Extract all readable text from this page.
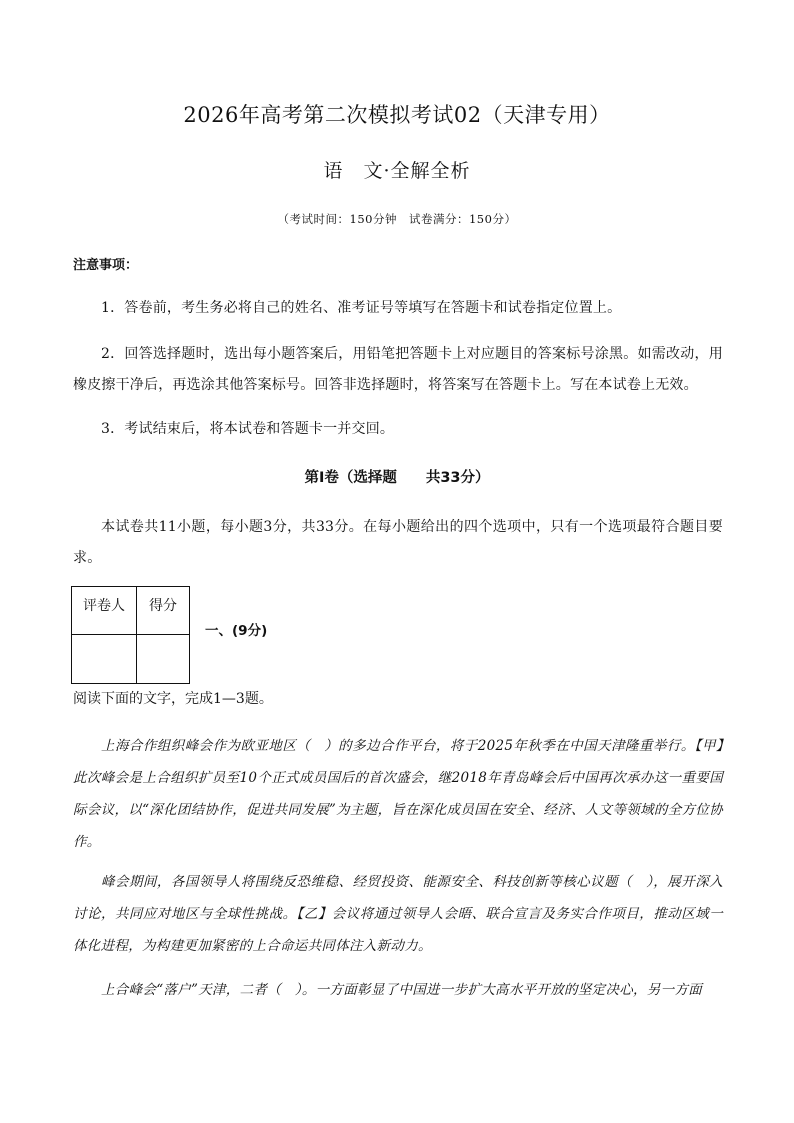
2026年高考第二次模拟考试02（天津专用）
语　文·全解全析
（考试时间：150分钟　试卷满分：150分）
注意事项：
1．答卷前，考生务必将自己的姓名、准考证号等填写在答题卡和试卷指定位置上。
2．回答选择题时，选出每小题答案后，用铅笔把答题卡上对应题目的答案标号涂黑。如需改动，用橡皮擦干净后，再选涂其他答案标号。回答非选择题时，将答案写在答题卡上。写在本试卷上无效。
3．考试结束后，将本试卷和答题卡一并交回。
第Ⅰ卷（选择题　　共33分）
本试卷共11小题，每小题3分，共33分。在每小题给出的四个选项中，只有一个选项最符合题目要求。
评卷人	得分

一、(9分)
阅读下面的文字，完成1—3题。
上海合作组织峰会作为欧亚地区（　）的多边合作平台，将于2025年秋季在中国天津隆重举行。【甲】此次峰会是上合组织扩员至10个正式成员国后的首次盛会，继2018年青岛峰会后中国再次承办这一重要国际会议，以“深化团结协作，促进共同发展”为主题，旨在深化成员国在安全、经济、人文等领域的全方位协作。
峰会期间，各国领导人将围绕反恐维稳、经贸投资、能源安全、科技创新等核心议题（　），展开深入讨论，共同应对地区与全球性挑战。【乙】会议将通过领导人会晤、联合宣言及务实合作项目，推动区域一体化进程，为构建更加紧密的上合命运共同体注入新动力。
上合峰会“落户”天津，二者（　）。一方面彰显了中国进一步扩大高水平开放的坚定决心，另一方面
